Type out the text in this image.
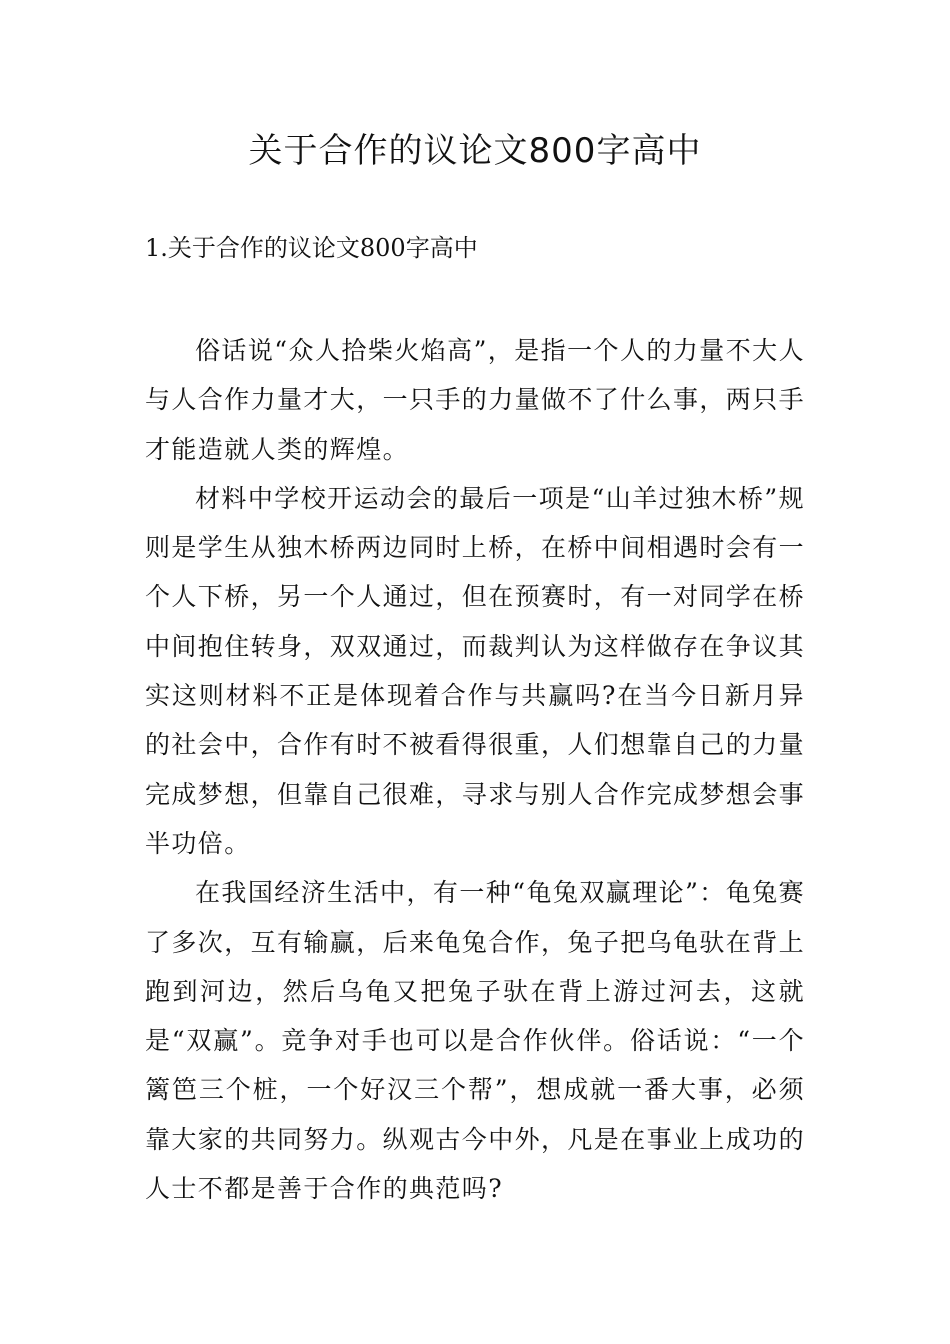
关于合作的议论文800字高中
1.关于合作的议论文800字高中

俗话说“众人拾柴火焰高”，是指一个人的力量不大人与人合作力量才大，一只手的力量做不了什么事，两只手才能造就人类的辉煌。

材料中学校开运动会的最后一项是“山羊过独木桥”规则是学生从独木桥两边同时上桥，在桥中间相遇时会有一个人下桥，另一个人通过，但在预赛时，有一对同学在桥中间抱住转身，双双通过，而裁判认为这样做存在争议其实这则材料不正是体现着合作与共赢吗?在当今日新月异的社会中，合作有时不被看得很重，人们想靠自己的力量完成梦想，但靠自己很难，寻求与别人合作完成梦想会事半功倍。

在我国经济生活中，有一种“龟兔双赢理论”：龟兔赛了多次，互有输赢，后来龟兔合作，兔子把乌龟驮在背上跑到河边，然后乌龟又把兔子驮在背上游过河去，这就是“双赢”。竞争对手也可以是合作伙伴。俗话说：“一个篱笆三个桩，一个好汉三个帮”，想成就一番大事，必须靠大家的共同努力。纵观古今中外，凡是在事业上成功的人士不都是善于合作的典范吗?
